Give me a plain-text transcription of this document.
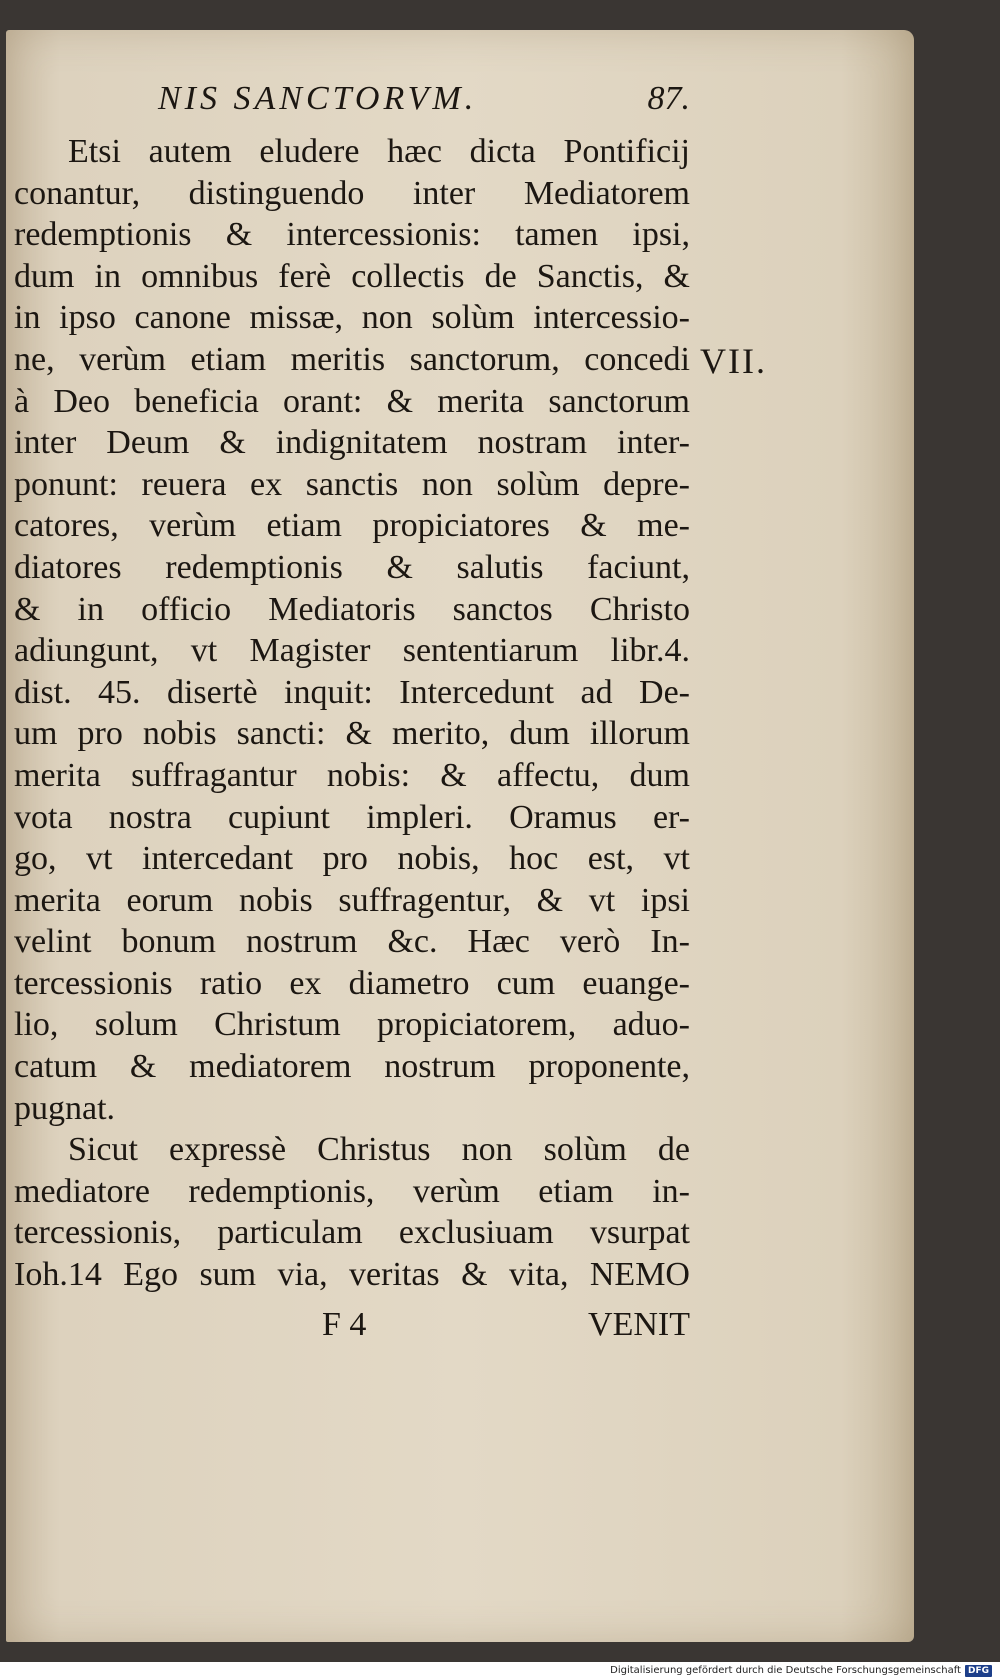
NIS SANCTORVM.	87.
Etsi autem eludere hæc dicta Pontificij
conantur, distinguendo inter Mediatorem
redemptionis & intercessionis: tamen ipsi,
dum in omnibus ferè collectis de Sanctis, &
in ipso canone missæ, non solùm intercessio-
ne, verùm etiam meritis sanctorum, concedi
à Deo beneficia orant: & merita sanctorum
inter Deum & indignitatem nostram inter-
ponunt: reuera ex sanctis non solùm depre-
catores, verùm etiam propiciatores & me-
diatores redemptionis & salutis faciunt,
& in officio Mediatoris sanctos Christo
adiungunt, vt Magister sententiarum libr.4.
dist. 45. disertè inquit: Intercedunt ad De-
um pro nobis sancti: & merito, dum illorum
merita suffragantur nobis: & affectu, dum
vota nostra cupiunt impleri. Oramus er-
go, vt intercedant pro nobis, hoc est, vt
merita eorum nobis suffragentur, & vt ipsi
velint bonum nostrum &c. Hæc verò In-
tercessionis ratio ex diametro cum euange-
lio, solum Christum propiciatorem, aduo-
catum & mediatorem nostrum proponente,
pugnat.
Sicut expressè Christus non solùm de
mediatore redemptionis, verùm etiam in-
tercessionis, particulam exclusiuam vsurpat
Ioh.14 Ego sum via, veritas & vita, NEMO
VII.
F 4	VENIT
Digitalisierung gefördert durch die Deutsche Forschungsgemeinschaft DFG
